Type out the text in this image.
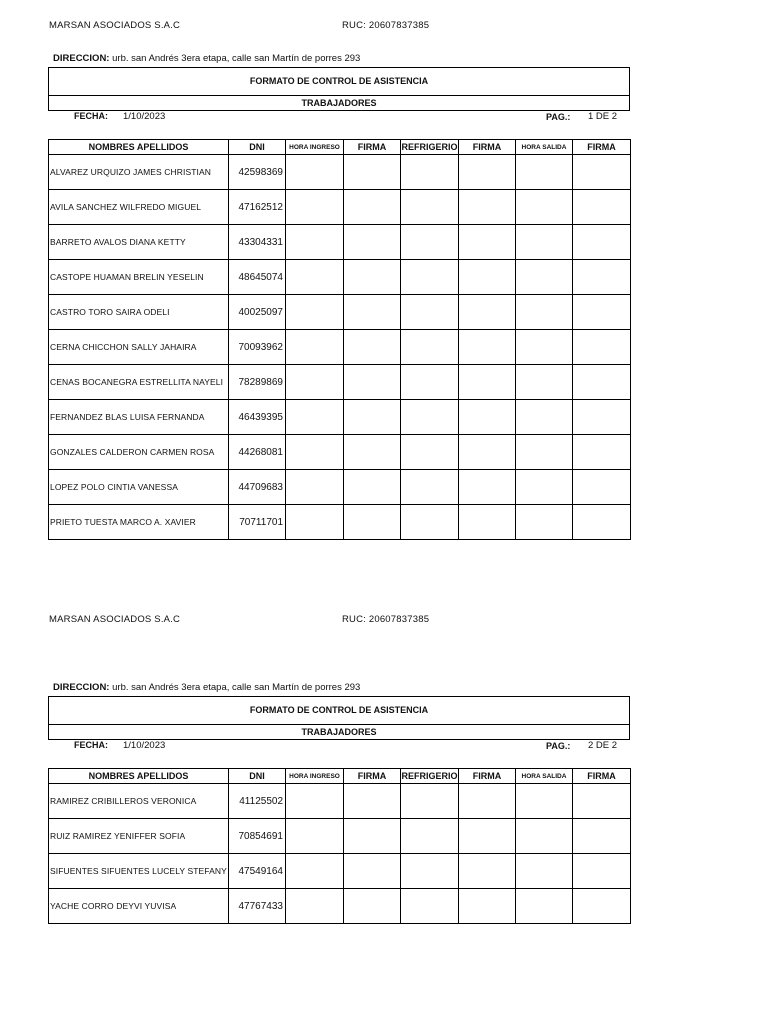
MARSAN ASOCIADOS S.A.C	RUC: 20607837385
DIRECCION: urb. san Andrés 3era etapa, calle san Martín de porres 293
FORMATO DE CONTROL DE ASISTENCIA
TRABAJADORES
FECHA: 1/10/2023	PAG.: 1 DE 2
NOMBRES APELLIDOS	DNI	HORA INGRESO	FIRMA	REFRIGERIO	FIRMA	HORA SALIDA	FIRMA
ALVAREZ URQUIZO JAMES CHRISTIAN	42598369						
AVILA SANCHEZ WILFREDO MIGUEL	47162512						
BARRETO AVALOS DIANA KETTY	43304331						
CASTOPE HUAMAN BRELIN YESELIN	48645074						
CASTRO TORO SAIRA ODELI	40025097						
CERNA CHICCHON SALLY JAHAIRA	70093962						
CENAS BOCANEGRA ESTRELLITA NAYELI	78289869						
FERNANDEZ BLAS LUISA FERNANDA	46439395						
GONZALES CALDERON CARMEN ROSA	44268081						
LOPEZ POLO CINTIA VANESSA	44709683						
PRIETO TUESTA MARCO A. XAVIER	70711701						
MARSAN ASOCIADOS S.A.C	RUC: 20607837385
DIRECCION: urb. san Andrés 3era etapa, calle san Martín de porres 293
FORMATO DE CONTROL DE ASISTENCIA
TRABAJADORES
FECHA: 1/10/2023	PAG.: 2 DE 2
NOMBRES APELLIDOS	DNI	HORA INGRESO	FIRMA	REFRIGERIO	FIRMA	HORA SALIDA	FIRMA
RAMIREZ CRIBILLEROS VERONICA	41125502						
RUIZ RAMIREZ YENIFFER SOFIA	70854691						
SIFUENTES SIFUENTES LUCELY STEFANY	47549164						
YACHE CORRO DEYVI YUVISA	47767433						
